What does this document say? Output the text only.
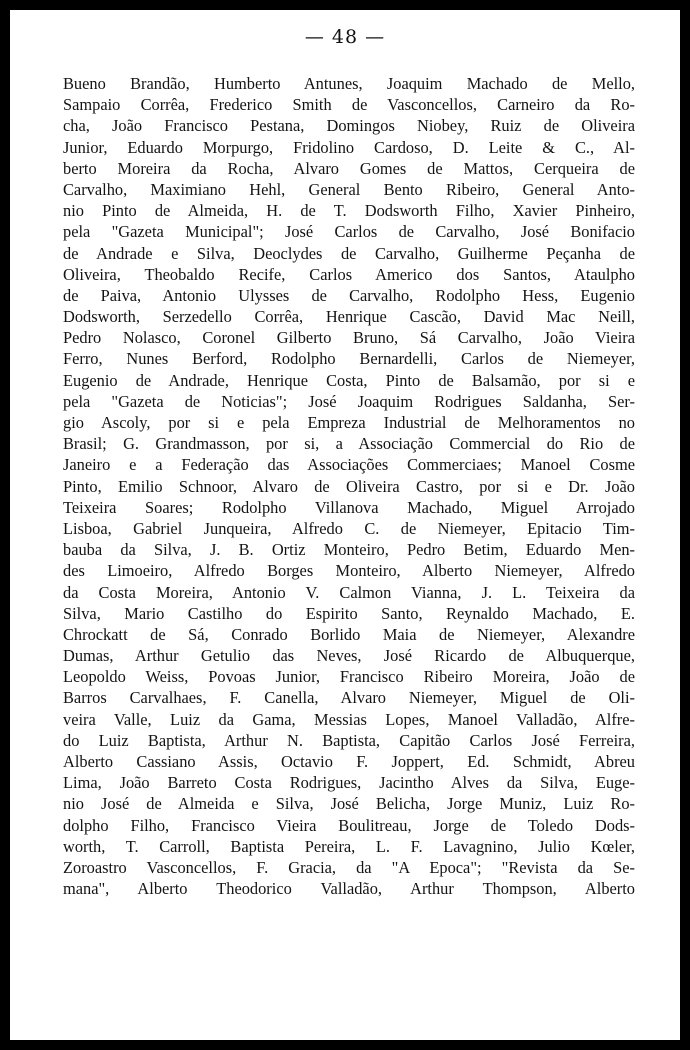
— 48 —
Bueno Brandão, Humberto Antunes, Joaquim Machado de Mello,
Sampaio Corrêa, Frederico Smith de Vasconcellos, Carneiro da Ro-
cha, João Francisco Pestana, Domingos Niobey, Ruiz de Oliveira
Junior, Eduardo Morpurgo, Fridolino Cardoso, D. Leite & C., Al-
berto Moreira da Rocha, Alvaro Gomes de Mattos, Cerqueira de
Carvalho, Maximiano Hehl, General Bento Ribeiro, General Anto-
nio Pinto de Almeida, H. de T. Dodsworth Filho, Xavier Pinheiro,
pela "Gazeta Municipal"; José Carlos de Carvalho, José Bonifacio
de Andrade e Silva, Deoclydes de Carvalho, Guilherme Peçanha de
Oliveira, Theobaldo Recife, Carlos Americo dos Santos, Ataulpho
de Paiva, Antonio Ulysses de Carvalho, Rodolpho Hess, Eugenio
Dodsworth, Serzedello Corrêa, Henrique Cascão, David Mac Neill,
Pedro Nolasco, Coronel Gilberto Bruno, Sá Carvalho, João Vieira
Ferro, Nunes Berford, Rodolpho Bernardelli, Carlos de Niemeyer,
Eugenio de Andrade, Henrique Costa, Pinto de Balsamão, por si e
pela "Gazeta de Noticias"; José Joaquim Rodrigues Saldanha, Ser-
gio Ascoly, por si e pela Empreza Industrial de Melhoramentos no
Brasil; G. Grandmasson, por si, a Associação Commercial do Rio de
Janeiro e a Federação das Associações Commerciaes; Manoel Cosme
Pinto, Emilio Schnoor, Alvaro de Oliveira Castro, por si e Dr. João
Teixeira Soares; Rodolpho Villanova Machado, Miguel Arrojado
Lisboa, Gabriel Junqueira, Alfredo C. de Niemeyer, Epitacio Tim-
bauba da Silva, J. B. Ortiz Monteiro, Pedro Betim, Eduardo Men-
des Limoeiro, Alfredo Borges Monteiro, Alberto Niemeyer, Alfredo
da Costa Moreira, Antonio V. Calmon Vianna, J. L. Teixeira da
Silva, Mario Castilho do Espirito Santo, Reynaldo Machado, E.
Chrockatt de Sá, Conrado Borlido Maia de Niemeyer, Alexandre
Dumas, Arthur Getulio das Neves, José Ricardo de Albuquerque,
Leopoldo Weiss, Povoas Junior, Francisco Ribeiro Moreira, João de
Barros Carvalhaes, F. Canella, Alvaro Niemeyer, Miguel de Oli-
veira Valle, Luiz da Gama, Messias Lopes, Manoel Valladão, Alfre-
do Luiz Baptista, Arthur N. Baptista, Capitão Carlos José Ferreira,
Alberto Cassiano Assis, Octavio F. Joppert, Ed. Schmidt, Abreu
Lima, João Barreto Costa Rodrigues, Jacintho Alves da Silva, Euge-
nio José de Almeida e Silva, José Belicha, Jorge Muniz, Luiz Ro-
dolpho Filho, Francisco Vieira Boulitreau, Jorge de Toledo Dods-
worth, T. Carroll, Baptista Pereira, L. F. Lavagnino, Julio Kœler,
Zoroastro Vasconcellos, F. Gracia, da "A Epoca"; "Revista da Se-
mana", Alberto Theodorico Valladão, Arthur Thompson, Alberto
